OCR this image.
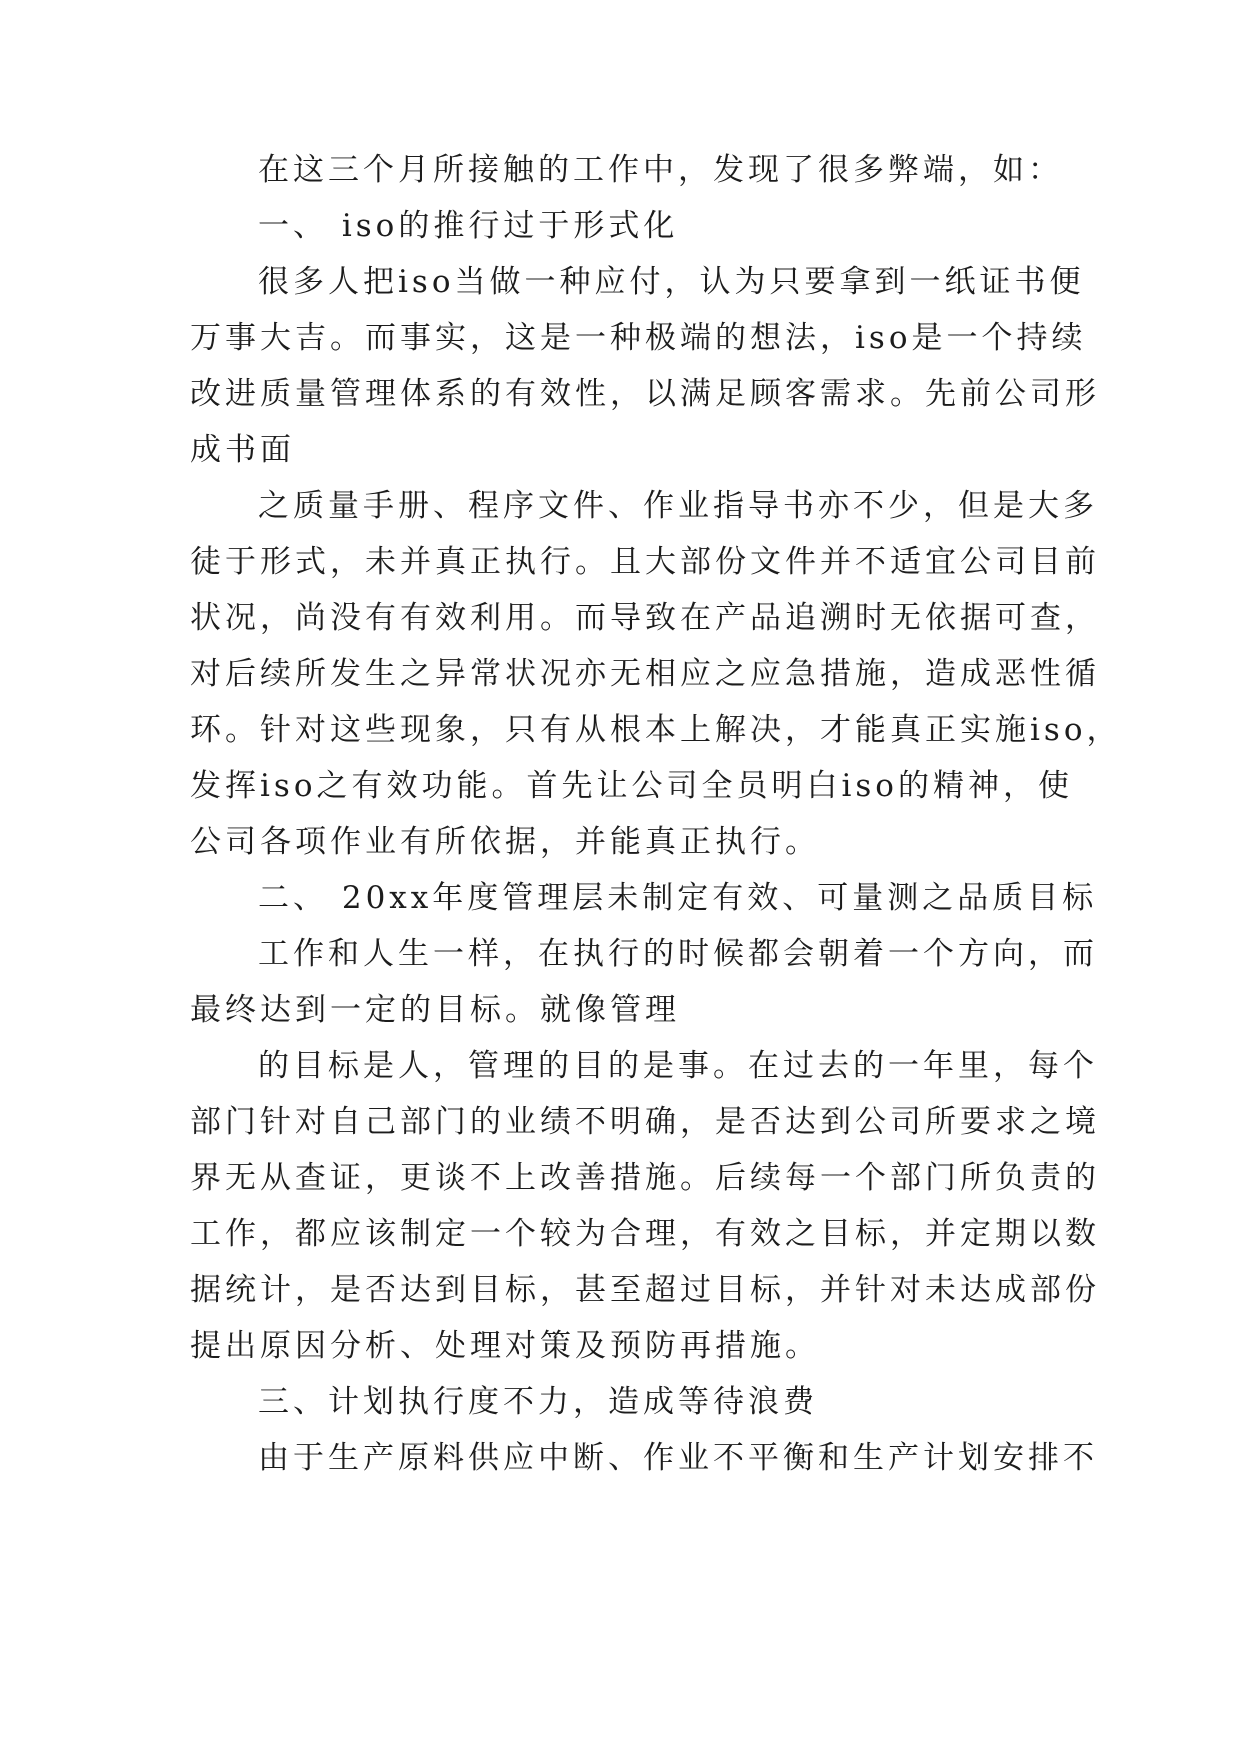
在这三个月所接触的工作中，发现了很多弊端，如：
一、 iso的推行过于形式化
很多人把iso当做一种应付，认为只要拿到一纸证书便
万事大吉。而事实，这是一种极端的想法，iso是一个持续
改进质量管理体系的有效性，以满足顾客需求。先前公司形
成书面
之质量手册、程序文件、作业指导书亦不少，但是大多
徒于形式，未并真正执行。且大部份文件并不适宜公司目前
状况，尚没有有效利用。而导致在产品追溯时无依据可查，
对后续所发生之异常状况亦无相应之应急措施，造成恶性循
环。针对这些现象，只有从根本上解决，才能真正实施iso，
发挥iso之有效功能。首先让公司全员明白iso的精神，使
公司各项作业有所依据，并能真正执行。
二、 20xx年度管理层未制定有效、可量测之品质目标
工作和人生一样，在执行的时候都会朝着一个方向，而
最终达到一定的目标。就像管理
的目标是人，管理的目的是事。在过去的一年里，每个
部门针对自己部门的业绩不明确，是否达到公司所要求之境
界无从查证，更谈不上改善措施。后续每一个部门所负责的
工作，都应该制定一个较为合理，有效之目标，并定期以数
据统计，是否达到目标，甚至超过目标，并针对未达成部份
提出原因分析、处理对策及预防再措施。
三、计划执行度不力，造成等待浪费
由于生产原料供应中断、作业不平衡和生产计划安排不
